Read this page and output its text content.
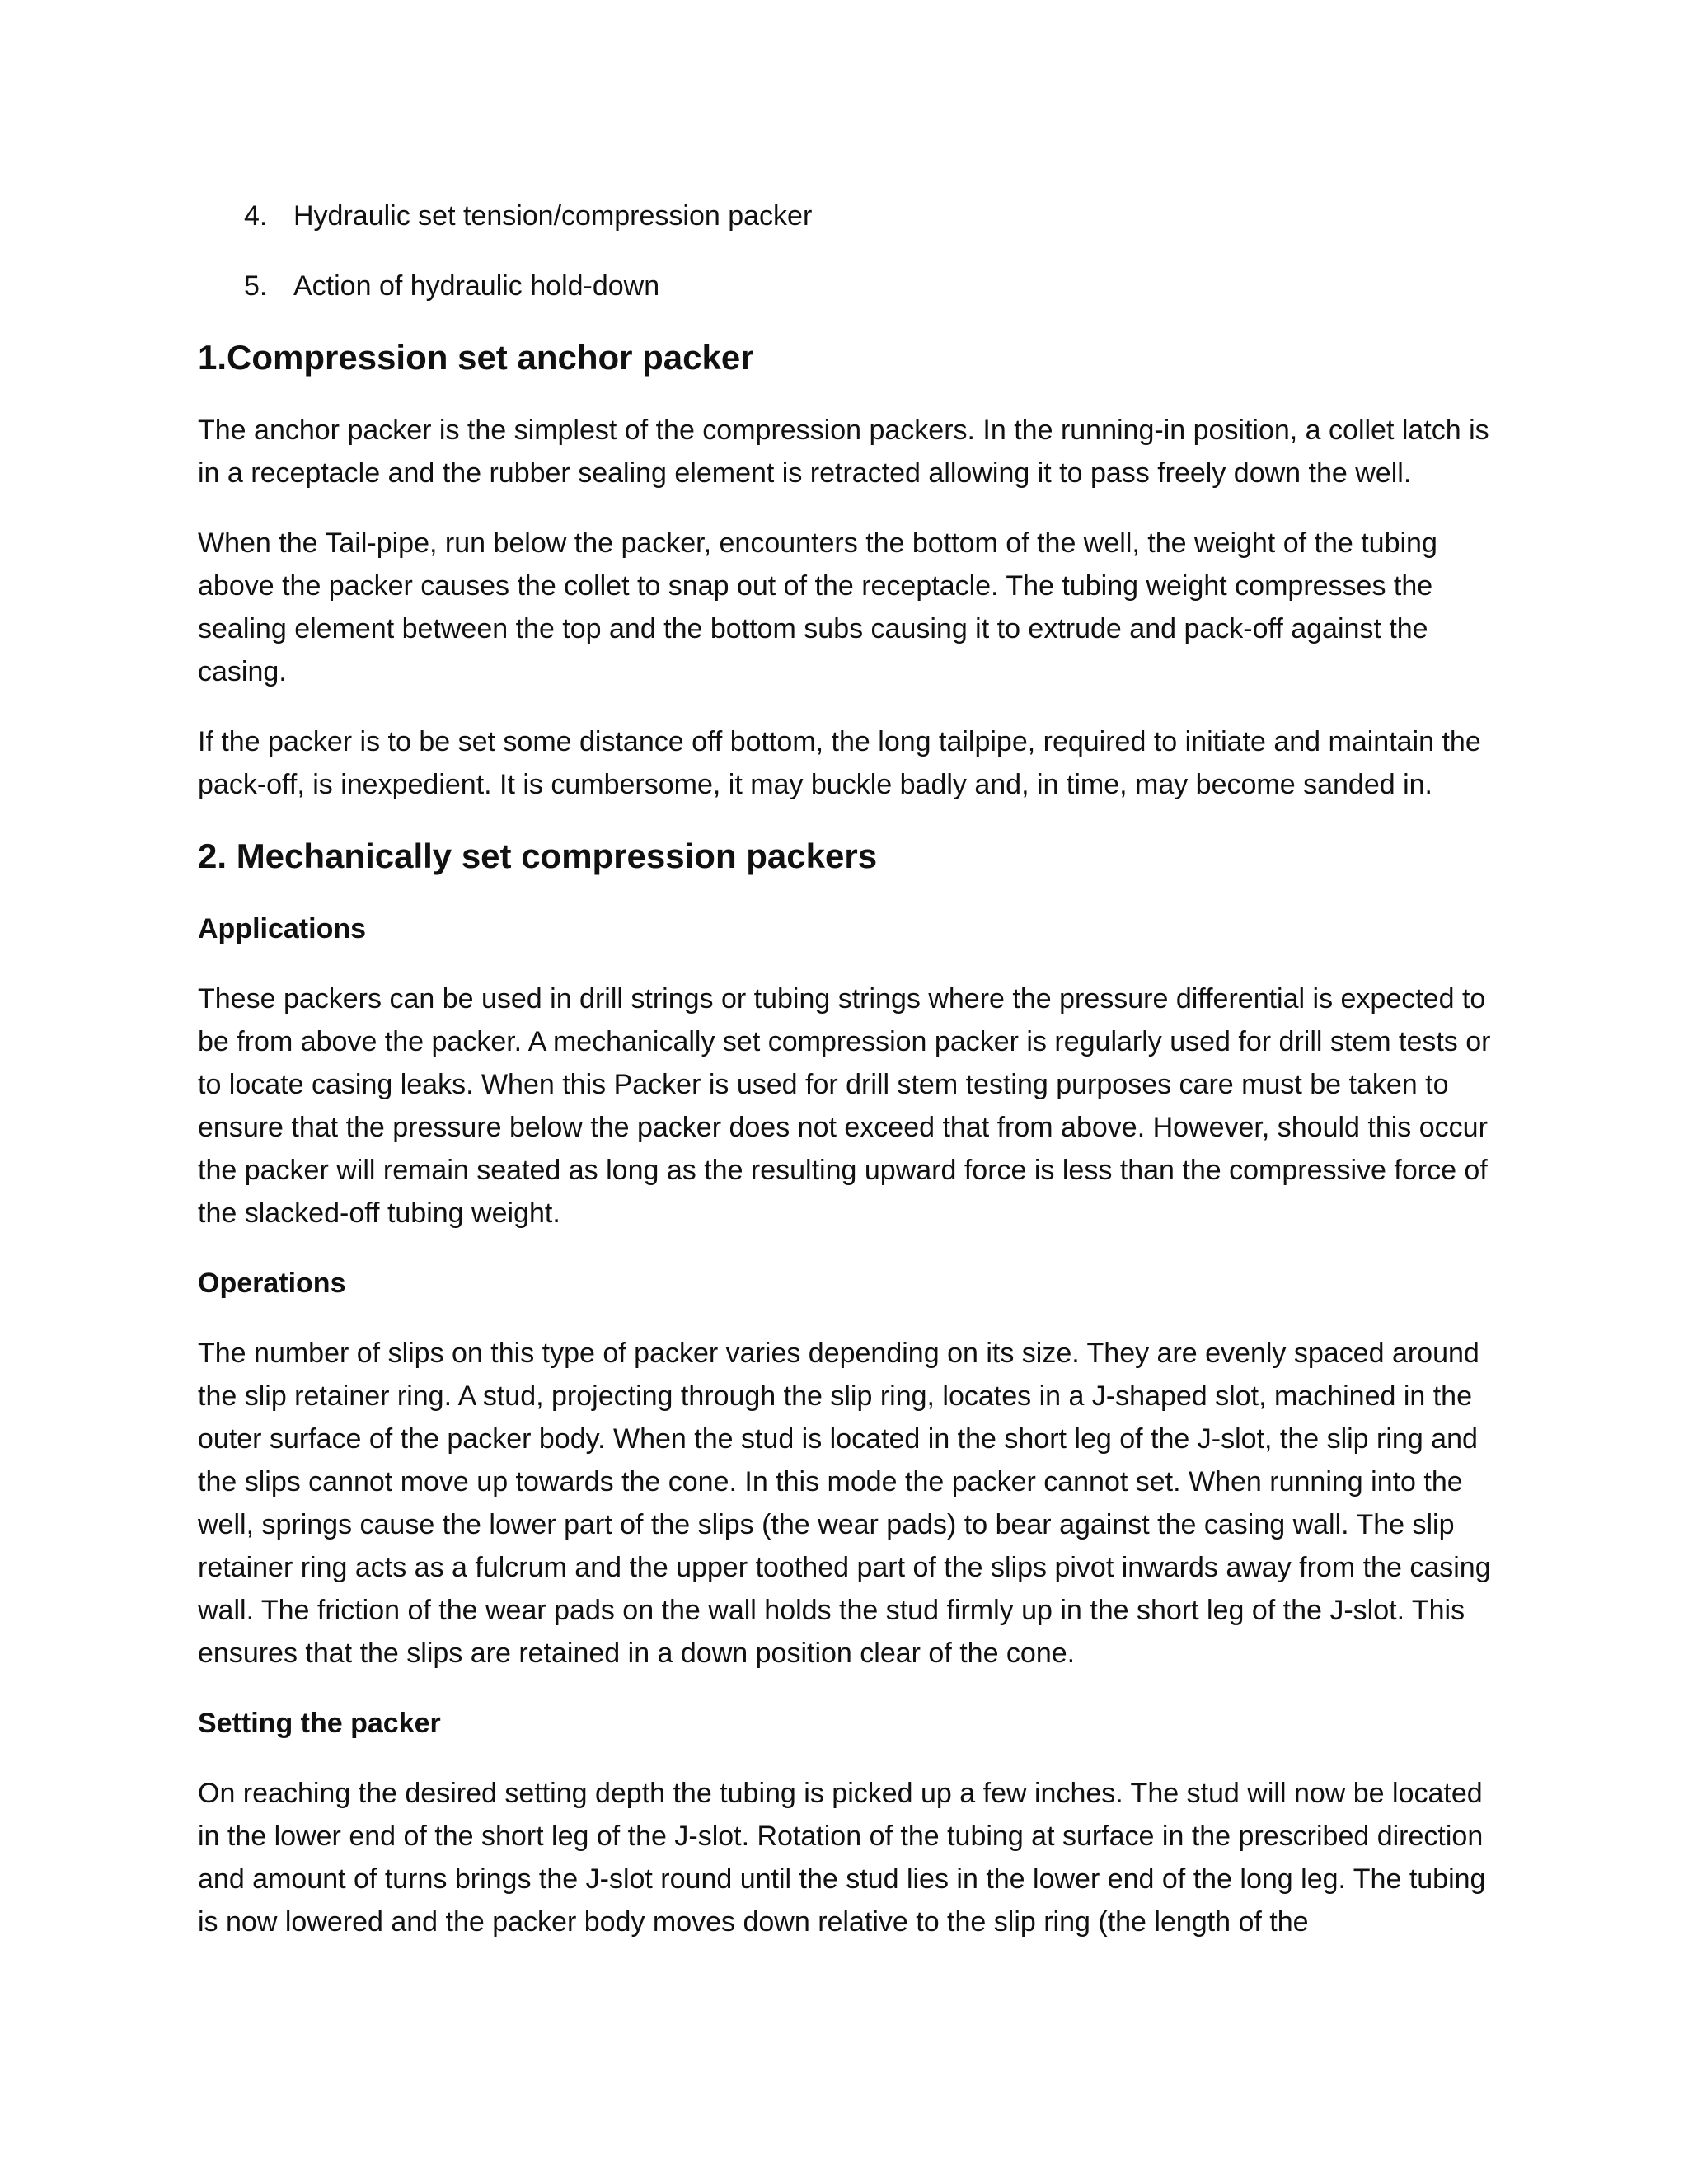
4. Hydraulic set tension/compression packer
5. Action of hydraulic hold-down
1.Compression set anchor packer

The anchor packer is the simplest of the compression packers. In the running-in position, a collet latch is in a receptacle and the rubber sealing element is retracted allowing it to pass freely down the well.

When the Tail-pipe, run below the packer, encounters the bottom of the well, the weight of the tubing above the packer causes the collet to snap out of the receptacle. The tubing weight compresses the sealing element between the top and the bottom subs causing it to extrude and pack-off against the casing.

If the packer is to be set some distance off bottom, the long tailpipe, required to initiate and maintain the pack-off, is inexpedient. It is cumbersome, it may buckle badly and, in time, may become sanded in.

2. Mechanically set compression packers
Applications

These packers can be used in drill strings or tubing strings where the pressure differential is expected to be from above the packer. A mechanically set compression packer is regularly used for drill stem tests or to locate casing leaks. When this Packer is used for drill stem testing purposes care must be taken to ensure that the pressure below the packer does not exceed that from above. However, should this occur the packer will remain seated as long as the resulting upward force is less than the compressive force of the slacked-off tubing weight.

Operations

The number of slips on this type of packer varies depending on its size. They are evenly spaced around the slip retainer ring. A stud, projecting through the slip ring, locates in a J-shaped slot, machined in the outer surface of the packer body. When the stud is located in the short leg of the J-slot, the slip ring and the slips cannot move up towards the cone. In this mode the packer cannot set. When running into the well, springs cause the lower part of the slips (the wear pads) to bear against the casing wall. The slip retainer ring acts as a fulcrum and the upper toothed part of the slips pivot inwards away from the casing wall. The friction of the wear pads on the wall holds the stud firmly up in the short leg of the J-slot. This ensures that the slips are retained in a down position clear of the cone.

Setting the packer

On reaching the desired setting depth the tubing is picked up a few inches. The stud will now be located in the lower end of the short leg of the J-slot. Rotation of the tubing at surface in the prescribed direction and amount of turns brings the J-slot round until the stud lies in the lower end of the long leg. The tubing is now lowered and the packer body moves down relative to the slip ring (the length of the
